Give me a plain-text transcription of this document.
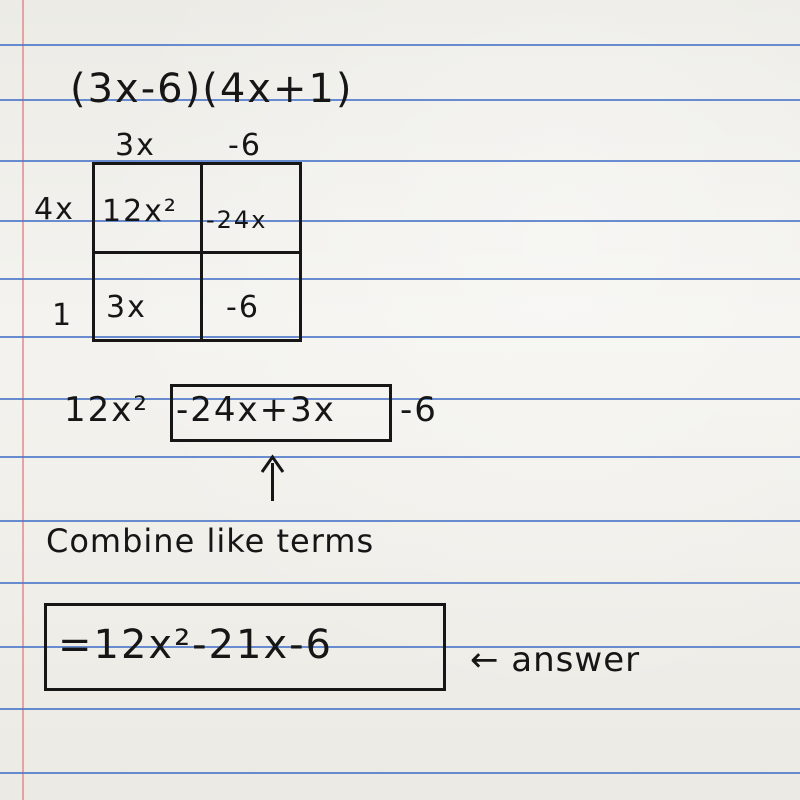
(3x-6)(4x+1)
3x -6
4x
1
12x² -24x
3x	-6
12x² -24x+3x -6
Combine like terms
=12x²-21x-6	← answer
